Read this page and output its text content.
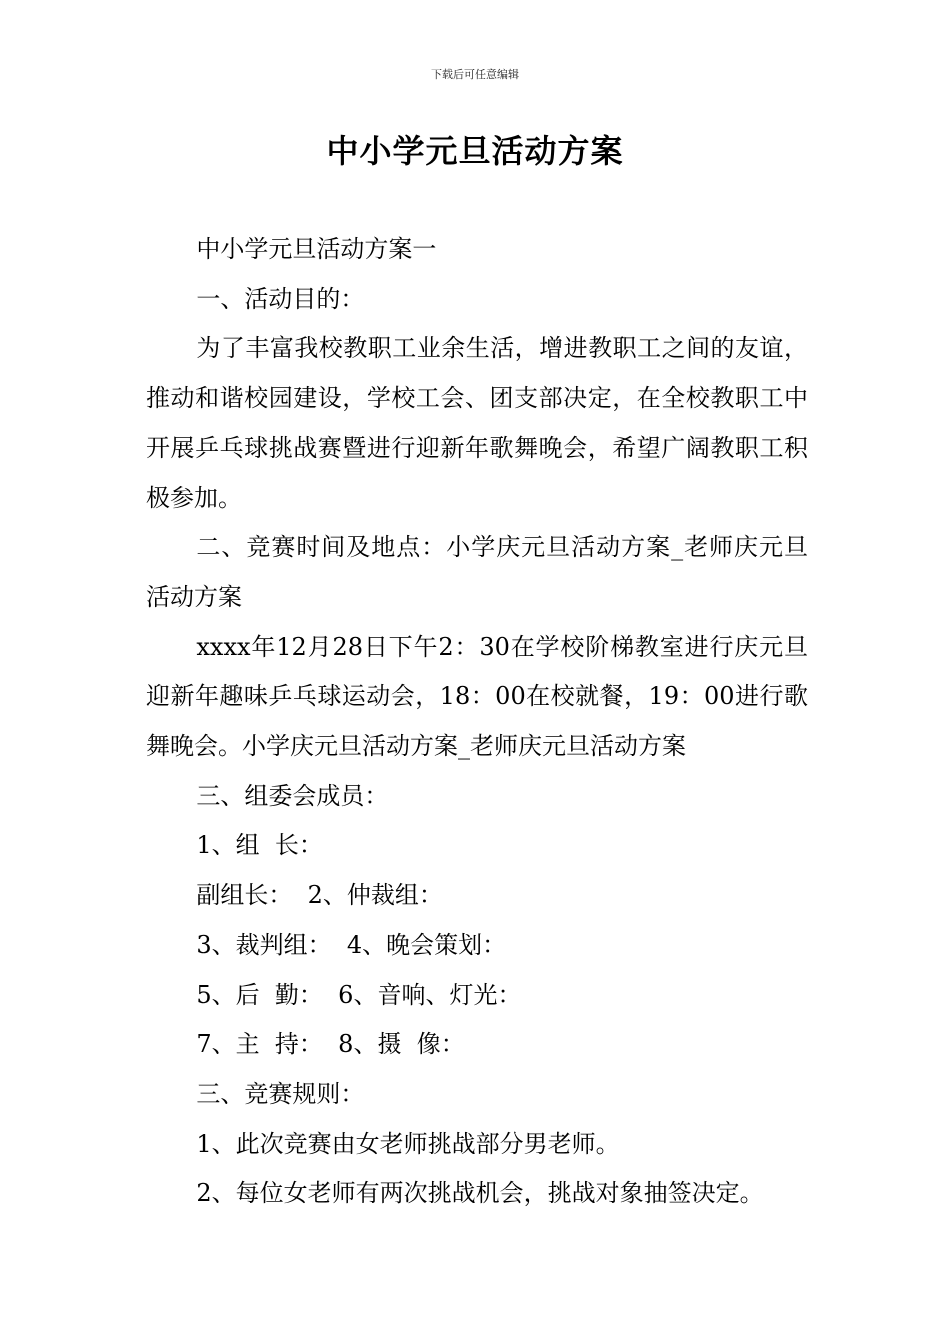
下载后可任意编辑
中小学元旦活动方案

中小学元旦活动方案一

一、活动目的：

为了丰富我校教职工业余生活，增进教职工之间的友谊，推动和谐校园建设，学校工会、团支部决定，在全校教职工中开展乒乓球挑战赛暨进行迎新年歌舞晚会，希望广阔教职工积极参加。

二、竞赛时间及地点：小学庆元旦活动方案_老师庆元旦活动方案

xxxx年12月28日下午2：30在学校阶梯教室进行庆元旦 迎新年趣味乒乓球运动会，18：00在校就餐，19：00进行歌舞晚会。小学庆元旦活动方案_老师庆元旦活动方案

三、组委会成员：

1、组  长：

副组长：  2、仲裁组：

3、裁判组：  4、晚会策划：

5、后  勤：  6、音响、灯光：

7、主  持：  8、摄  像：

三、竞赛规则：

1、此次竞赛由女老师挑战部分男老师。

2、每位女老师有两次挑战机会，挑战对象抽签决定。
